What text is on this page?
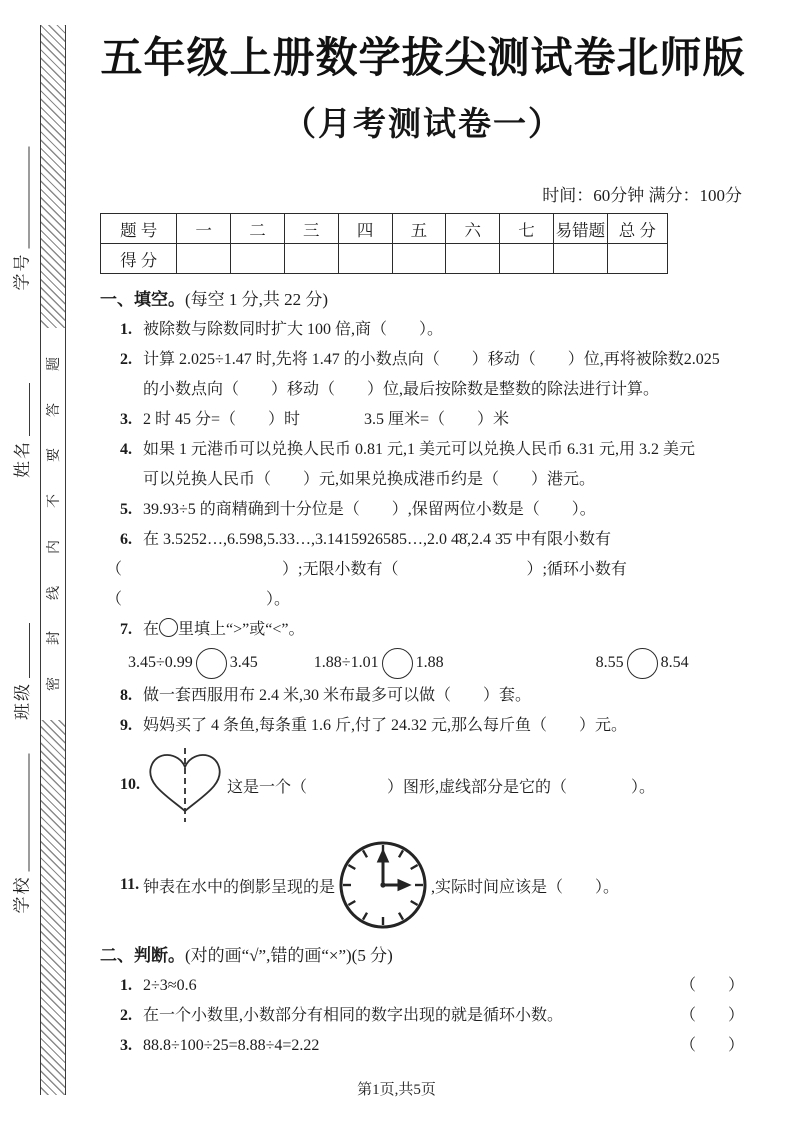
学号
姓名
班级
学校
题
答
要
不
内
线
封
密
五年级上册数学拔尖测试卷北师版
（月考测试卷一）
时间：60分钟 满分：100分
题 号	一	二	三	四	五	六	七	易错题	总 分
得 分									
一、填空。(每空 1 分,共 22 分)
1. 被除数与除数同时扩大 100 倍,商（　　）。
2. 计算 2.025÷1.47 时,先将 1.47 的小数点向（　　）移动（　　）位,再将被除数2.025
的小数点向（　　）移动（　　）位,最后按除数是整数的除法进行计算。
3. 2 时 45 分=（　　）时　　　　3.5 厘米=（　　）米
4. 如果 1 元港币可以兑换人民币 0.81 元,1 美元可以兑换人民币 6.31 元,用 3.2 美元
可以兑换人民币（　　）元,如果兑换成港币约是（　　）港元。
5. 39.93÷5 的商精确到十分位是（　　）,保留两位小数是（　　）。
6. 在 3.5252…,6.598,5.33…,3.1415926585…,2.0 4̇8̇,2.4 3̇5̇ 中有限小数有
（　　　　　　　　　　）;无限小数有（　　　　　　　　）;循环小数有
（　　　　　　　　　）。
7. 在 里填上“>”或“<”。
3.45÷0.99 3.45	1.88÷1.01 1.88	8.55 8.54
8. 做一套西服用布 2.4 米,30 米布最多可以做（　　）套。
9. 妈妈买了 4 条鱼,每条重 1.6 斤,付了 24.32 元,那么每斤鱼（　　）元。
10.	这是一个（　　　　　）图形,虚线部分是它的（　　　　）。
11. 钟表在水中的倒影呈现的是	,实际时间应该是（　　）。
二、判断。(对的画“√”,错的画“×”)(5 分)
1. 2÷3≈0.6	（　　）
2. 在一个小数里,小数部分有相同的数字出现的就是循环小数。	（　　）
3. 88.8÷100÷25=8.88÷4=2.22	（　　）
第1页,共5页
